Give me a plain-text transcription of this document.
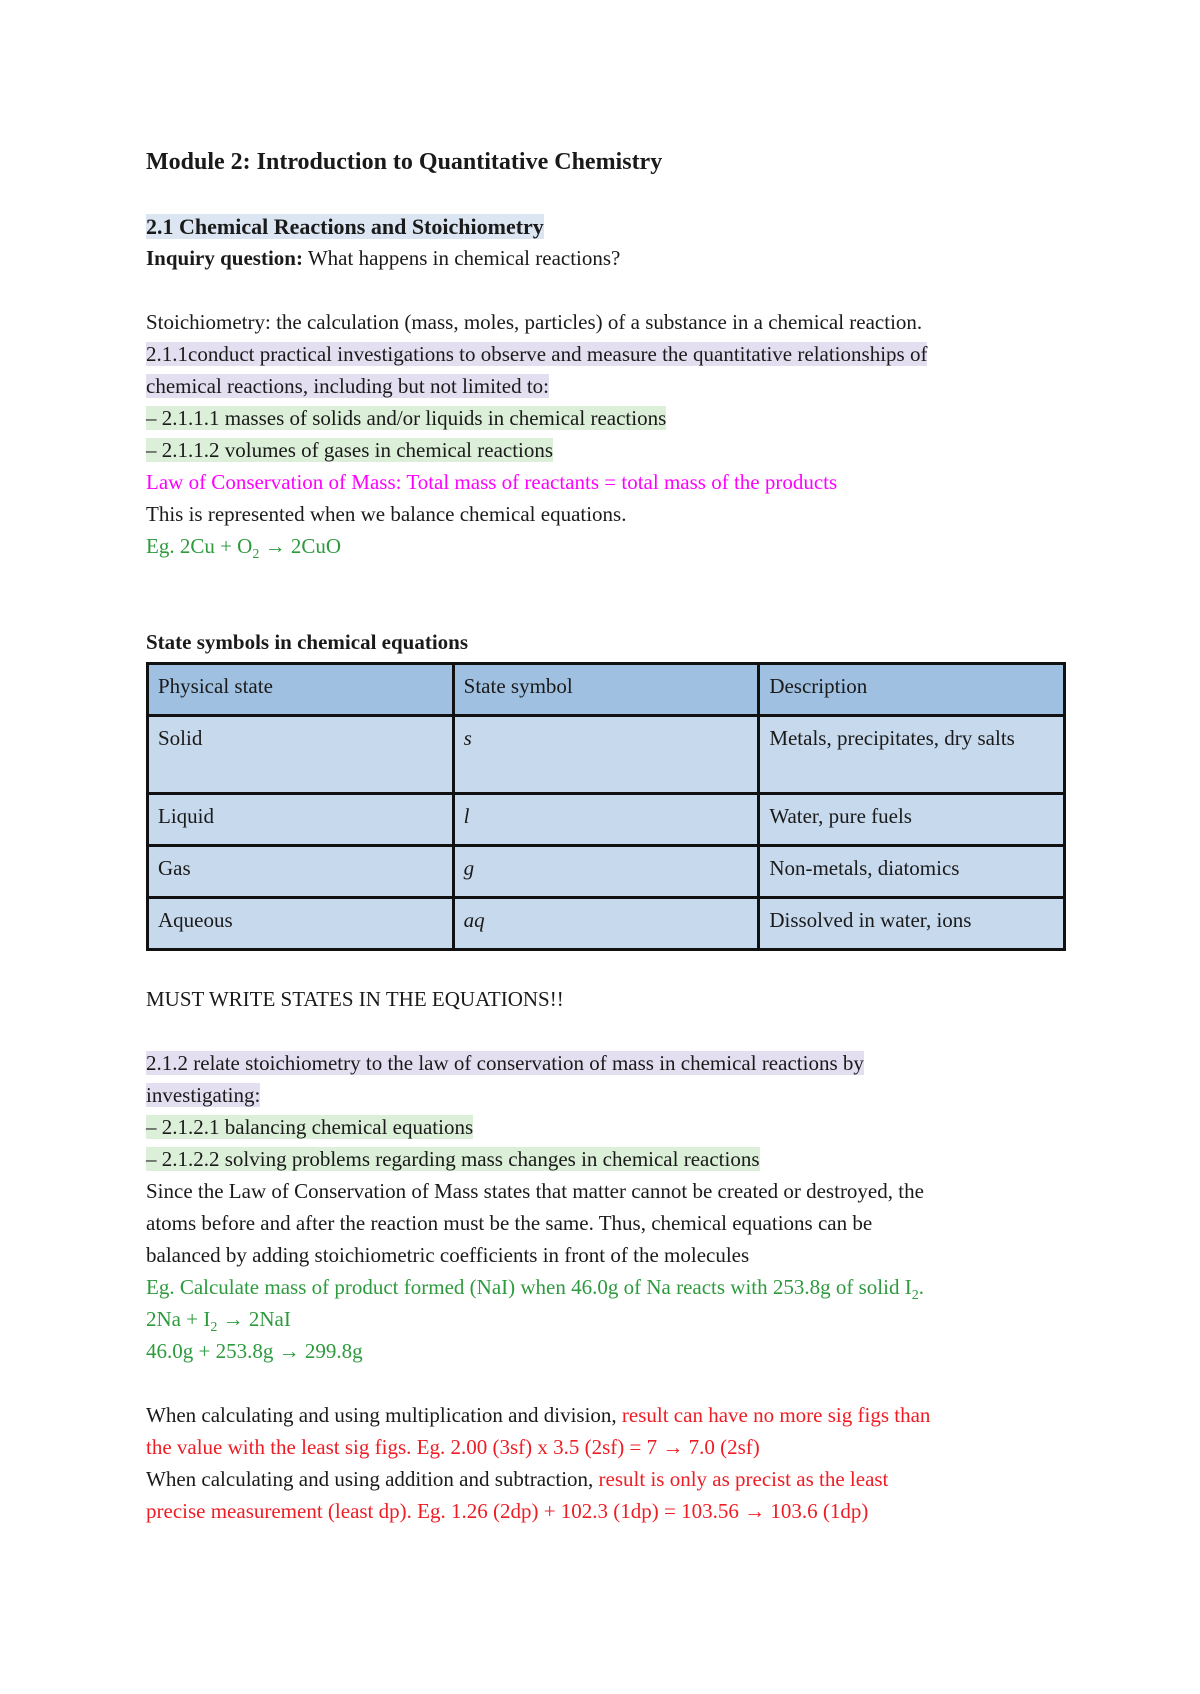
Module 2: Introduction to Quantitative Chemistry
2.1 Chemical Reactions and Stoichiometry
Inquiry question: What happens in chemical reactions?
Stoichiometry: the calculation (mass, moles, particles) of a substance in a chemical reaction.
2.1.1conduct practical investigations to observe and measure the quantitative relationships of
chemical reactions, including but not limited to:
– 2.1.1.1 masses of solids and/or liquids in chemical reactions
– 2.1.1.2 volumes of gases in chemical reactions
Law of Conservation of Mass: Total mass of reactants = total mass of the products
This is represented when we balance chemical equations.
Eg. $2Cu + O_2 \to 2CuO$
State symbols in chemical equations
Physical state	State symbol	Description
Solid	s	Metals, precipitates, dry salts
Liquid	l	Water, pure fuels
Gas	g	Non-metals, diatomics
Aqueous	aq	Dissolved in water, ions
MUST WRITE STATES IN THE EQUATIONS!!
2.1.2 relate stoichiometry to the law of conservation of mass in chemical reactions by
investigating:
– 2.1.2.1 balancing chemical equations
– 2.1.2.2 solving problems regarding mass changes in chemical reactions
Since the Law of Conservation of Mass states that matter cannot be created or destroyed, the
atoms before and after the reaction must be the same. Thus, chemical equations can be
balanced by adding stoichiometric coefficients in front of the molecules
Eg. Calculate mass of product formed (NaI) when 46.0g of Na reacts with 253.8g of solid $I_2$.
$2Na + I_2 \to 2NaI$
46.0g + 253.8g → 299.8g
When calculating and using multiplication and division, result can have no more sig figs than
the value with the least sig figs. Eg. 2.00 (3sf) x 3.5 (2sf) = 7 → 7.0 (2sf)
When calculating and using addition and subtraction, result is only as precist as the least
precise measurement (least dp). Eg. 1.26 (2dp) + 102.3 (1dp) = 103.56 → 103.6 (1dp)
